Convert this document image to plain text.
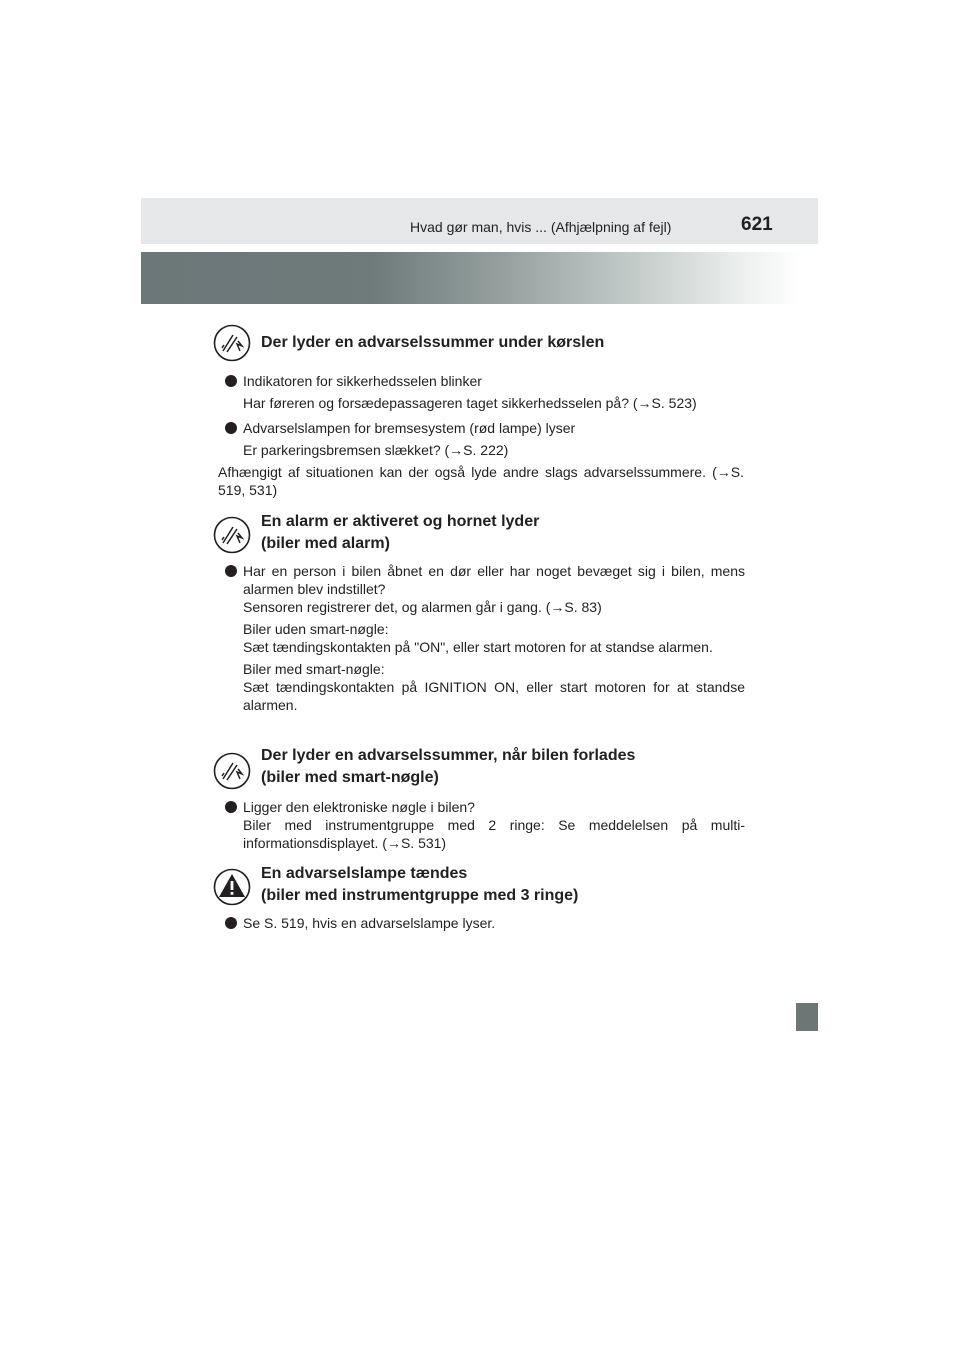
Hvad gør man, hvis ... (Afhjælpning af fejl)	621
Der lyder en advarselssummer under kørslen
Indikatoren for sikkerhedsselen blinker
Har føreren og forsædepassageren taget sikkerhedsselen på? (→S. 523)
Advarselslampen for bremsesystem (rød lampe) lyser
Er parkeringsbremsen slækket? (→S. 222)
Afhængigt af situationen kan der også lyde andre slags advarselssummere. (→S. 519, 531)
En alarm er aktiveret og hornet lyder
(biler med alarm)
Har en person i bilen åbnet en dør eller har noget bevæget sig i bilen, mens alarmen blev indstillet?
Sensoren registrerer det, og alarmen går i gang. (→S. 83)
Biler uden smart-nøgle:
Sæt tændingskontakten på "ON", eller start motoren for at standse alarmen.
Biler med smart-nøgle:
Sæt tændingskontakten på IGNITION ON, eller start motoren for at standse alarmen.
Der lyder en advarselssummer, når bilen forlades
(biler med smart-nøgle)
Ligger den elektroniske nøgle i bilen?
Biler med instrumentgruppe med 2 ringe: Se meddelelsen på multi-informationsdisplayet. (→S. 531)
En advarselslampe tændes
(biler med instrumentgruppe med 3 ringe)
Se S. 519, hvis en advarselslampe lyser.
